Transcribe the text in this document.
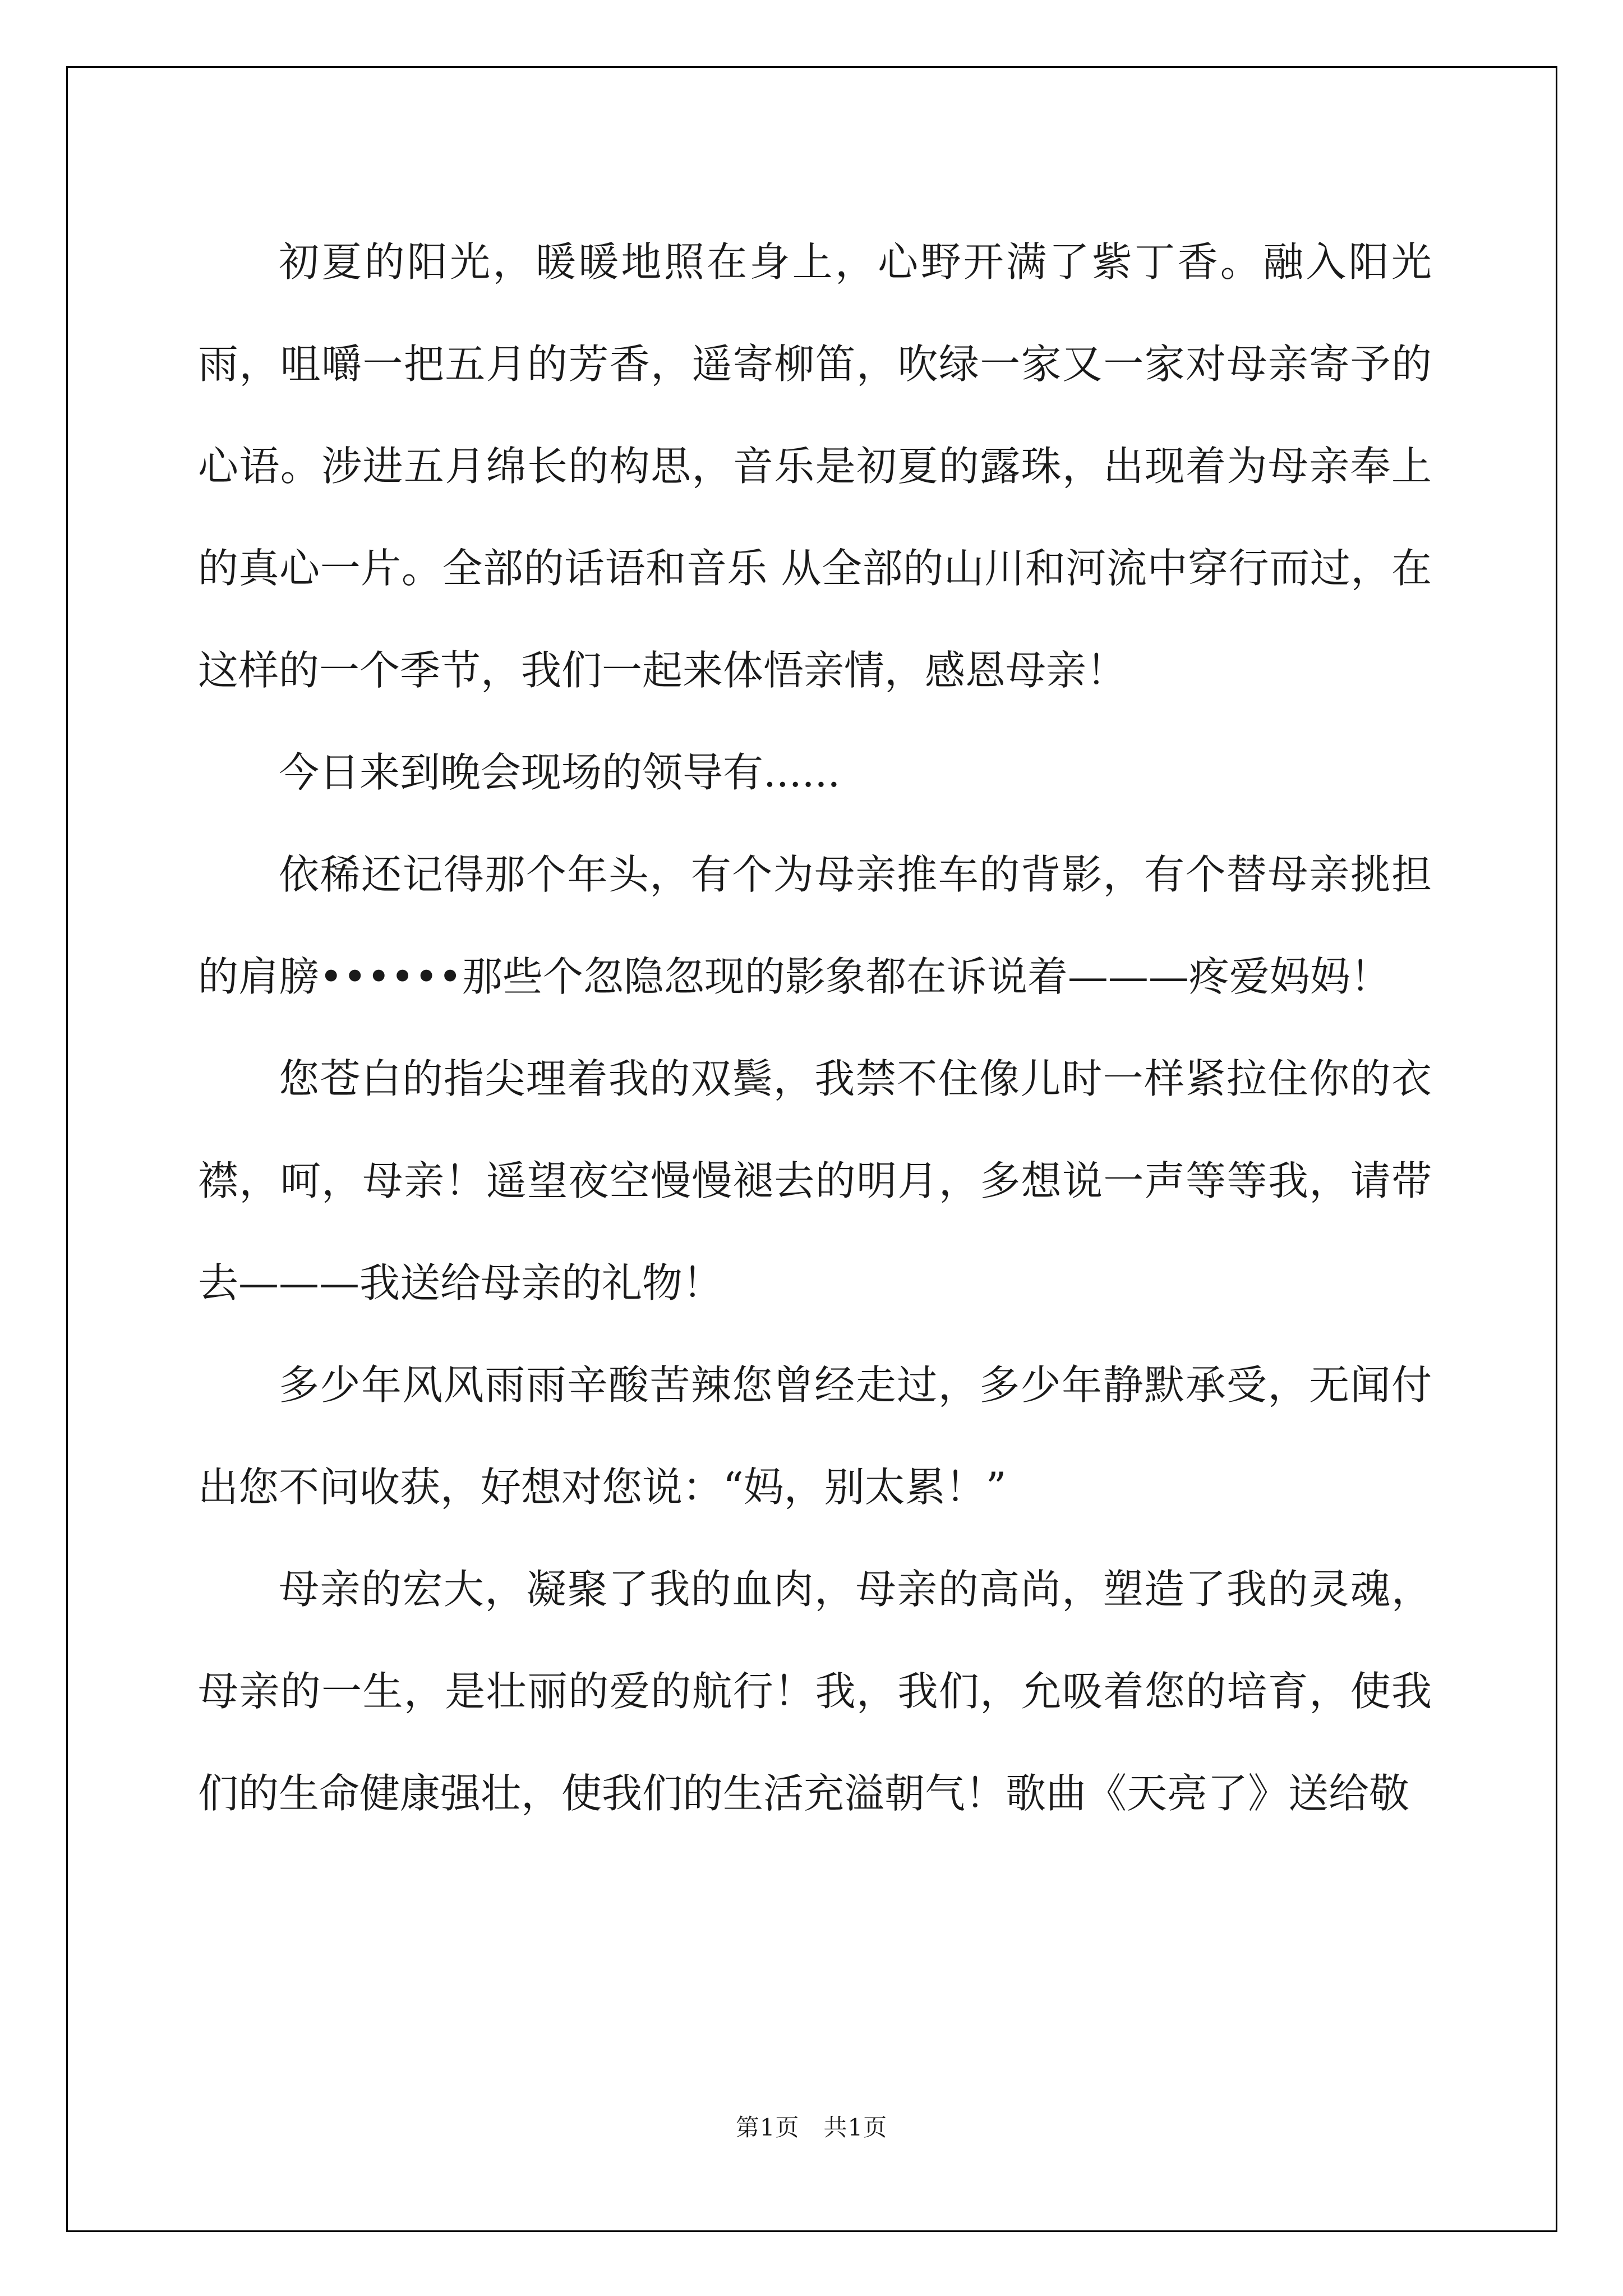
初夏的阳光，暖暖地照在身上，心野开满了紫丁香。融入阳光雨，咀嚼一把五月的芳香，遥寄柳笛，吹绿一家又一家对母亲寄予的心语。涉进五月绵长的构思，音乐是初夏的露珠，出现着为母亲奉上的真心一片。全部的话语和音乐 从全部的山川和河流中穿行而过，在这样的一个季节，我们一起来体悟亲情，感恩母亲！

今日来到晚会现场的领导有......

依稀还记得那个年头，有个为母亲推车的背影，有个替母亲挑担的肩膀••••••那些个忽隐忽现的影象都在诉说着———疼爱妈妈！

您苍白的指尖理着我的双鬓，我禁不住像儿时一样紧拉住你的衣襟，呵，母亲！遥望夜空慢慢褪去的明月，多想说一声等等我，请带去———我送给母亲的礼物！

多少年风风雨雨辛酸苦辣您曾经走过，多少年静默承受，无闻付出您不问收获，好想对您说：“妈，别太累！”

母亲的宏大，凝聚了我的血肉，母亲的高尚，塑造了我的灵魂，母亲的一生，是壮丽的爱的航行！我，我们，允吸着您的培育，使我们的生命健康强壮，使我们的生活充溢朝气！歌曲《天亮了》送给敬

第1页　共1页
